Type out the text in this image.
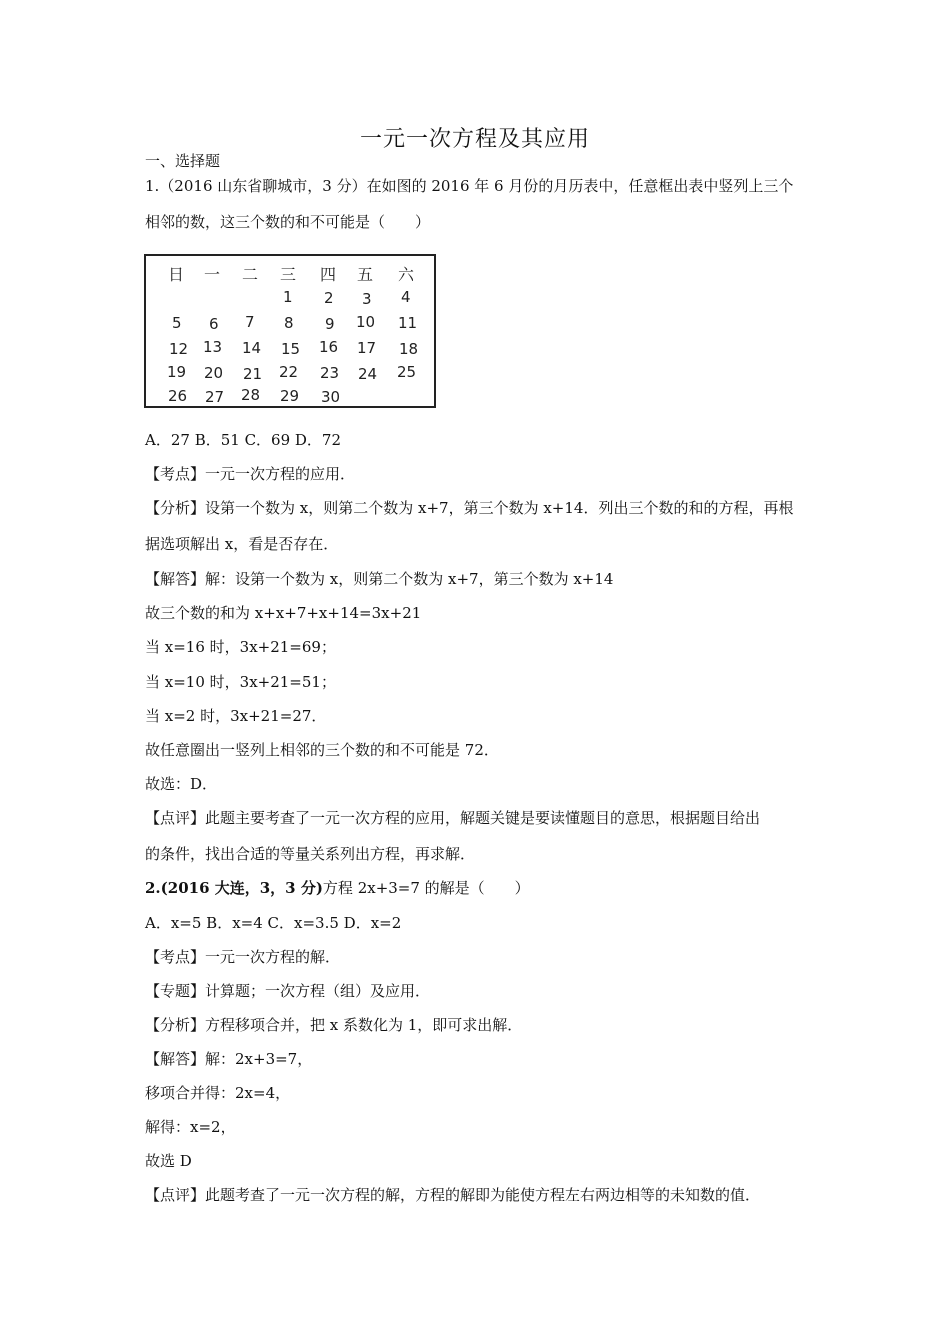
一元一次方程及其应用
一、选择题
1.（2016 山东省聊城市，3 分）在如图的 2016 年 6 月份的月历表中，任意框出表中竖列上三个
相邻的数，这三个数的和不可能是（　　）
日 一 二 三 四 五 六
1 2 3 4
5 6 7 8 9 10 11
12 13 14 15 16 17 18
19 20 21 22 23 24 25
26 27 28 29 30
A．27 B．51 C．69 D．72
【考点】一元一次方程的应用．
【分析】设第一个数为 x，则第二个数为 x+7，第三个数为 x+14．列出三个数的和的方程，再根
据选项解出 x，看是否存在．
【解答】解：设第一个数为 x，则第二个数为 x+7，第三个数为 x+14
故三个数的和为 x+x+7+x+14=3x+21
当 x=16 时，3x+21=69；
当 x=10 时，3x+21=51；
当 x=2 时，3x+21=27．
故任意圈出一竖列上相邻的三个数的和不可能是 72．
故选：D．
【点评】此题主要考查了一元一次方程的应用，解题关键是要读懂题目的意思，根据题目给出
的条件，找出合适的等量关系列出方程，再求解．
2.(2016 大连，3，3 分)方程 2x+3=7 的解是（　　）
A．x=5 B．x=4 C．x=3.5 D．x=2
【考点】一元一次方程的解．
【专题】计算题；一次方程（组）及应用．
【分析】方程移项合并，把 x 系数化为 1，即可求出解．
【解答】解：2x+3=7，
移项合并得：2x=4，
解得：x=2，
故选 D
【点评】此题考查了一元一次方程的解，方程的解即为能使方程左右两边相等的未知数的值．
